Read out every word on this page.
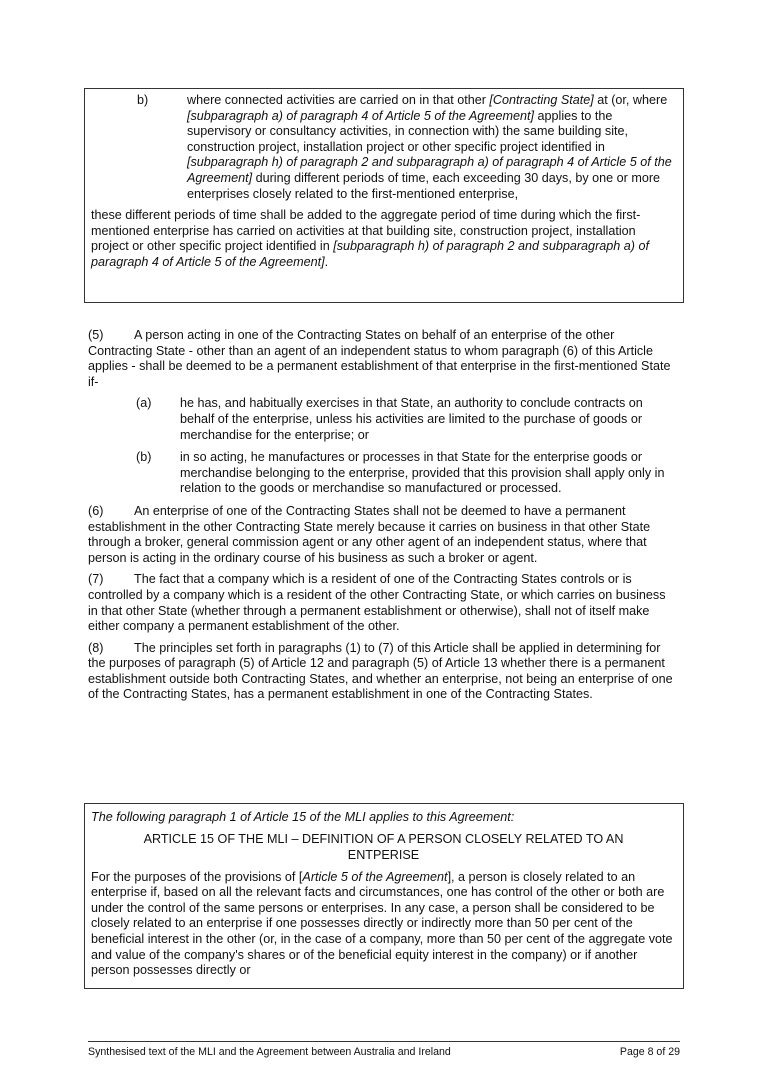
b)	where connected activities are carried on in that other [Contracting State] at (or, where [subparagraph a) of paragraph 4 of Article 5 of the Agreement] applies to the supervisory or consultancy activities, in connection with) the same building site, construction project, installation project or other specific project identified in [subparagraph h) of paragraph 2 and subparagraph a) of paragraph 4 of Article 5 of the Agreement] during different periods of time, each exceeding 30 days, by one or more enterprises closely related to the first-mentioned enterprise,

these different periods of time shall be added to the aggregate period of time during which the first-mentioned enterprise has carried on activities at that building site, construction project, installation project or other specific project identified in [subparagraph h) of paragraph 2 and subparagraph a) of paragraph 4 of Article 5 of the Agreement].

(5) A person acting in one of the Contracting States on behalf of an enterprise of the other Contracting State - other than an agent of an independent status to whom paragraph (6) of this Article applies - shall be deemed to be a permanent establishment of that enterprise in the first-mentioned State if-

(a)	he has, and habitually exercises in that State, an authority to conclude contracts on behalf of the enterprise, unless his activities are limited to the purchase of goods or merchandise for the enterprise; or
(b)	in so acting, he manufactures or processes in that State for the enterprise goods or merchandise belonging to the enterprise, provided that this provision shall apply only in relation to the goods or merchandise so manufactured or processed.

(6) An enterprise of one of the Contracting States shall not be deemed to have a permanent establishment in the other Contracting State merely because it carries on business in that other State through a broker, general commission agent or any other agent of an independent status, where that person is acting in the ordinary course of his business as such a broker or agent.

(7) The fact that a company which is a resident of one of the Contracting States controls or is controlled by a company which is a resident of the other Contracting State, or which carries on business in that other State (whether through a permanent establishment or otherwise), shall not of itself make either company a permanent establishment of the other.

(8) The principles set forth in paragraphs (1) to (7) of this Article shall be applied in determining for the purposes of paragraph (5) of Article 12 and paragraph (5) of Article 13 whether there is a permanent establishment outside both Contracting States, and whether an enterprise, not being an enterprise of one of the Contracting States, has a permanent establishment in one of the Contracting States.

The following paragraph 1 of Article 15 of the MLI applies to this Agreement:

ARTICLE 15 OF THE MLI – DEFINITION OF A PERSON CLOSELY RELATED TO AN
ENTPERISE

For the purposes of the provisions of [Article 5 of the Agreement], a person is closely related to an enterprise if, based on all the relevant facts and circumstances, one has control of the other or both are under the control of the same persons or enterprises. In any case, a person shall be considered to be closely related to an enterprise if one possesses directly or indirectly more than 50 per cent of the beneficial interest in the other (or, in the case of a company, more than 50 per cent of the aggregate vote and value of the company's shares or of the beneficial equity interest in the company) or if another person possesses directly or

Synthesised text of the MLI and the Agreement between Australia and Ireland	Page 8 of 29
